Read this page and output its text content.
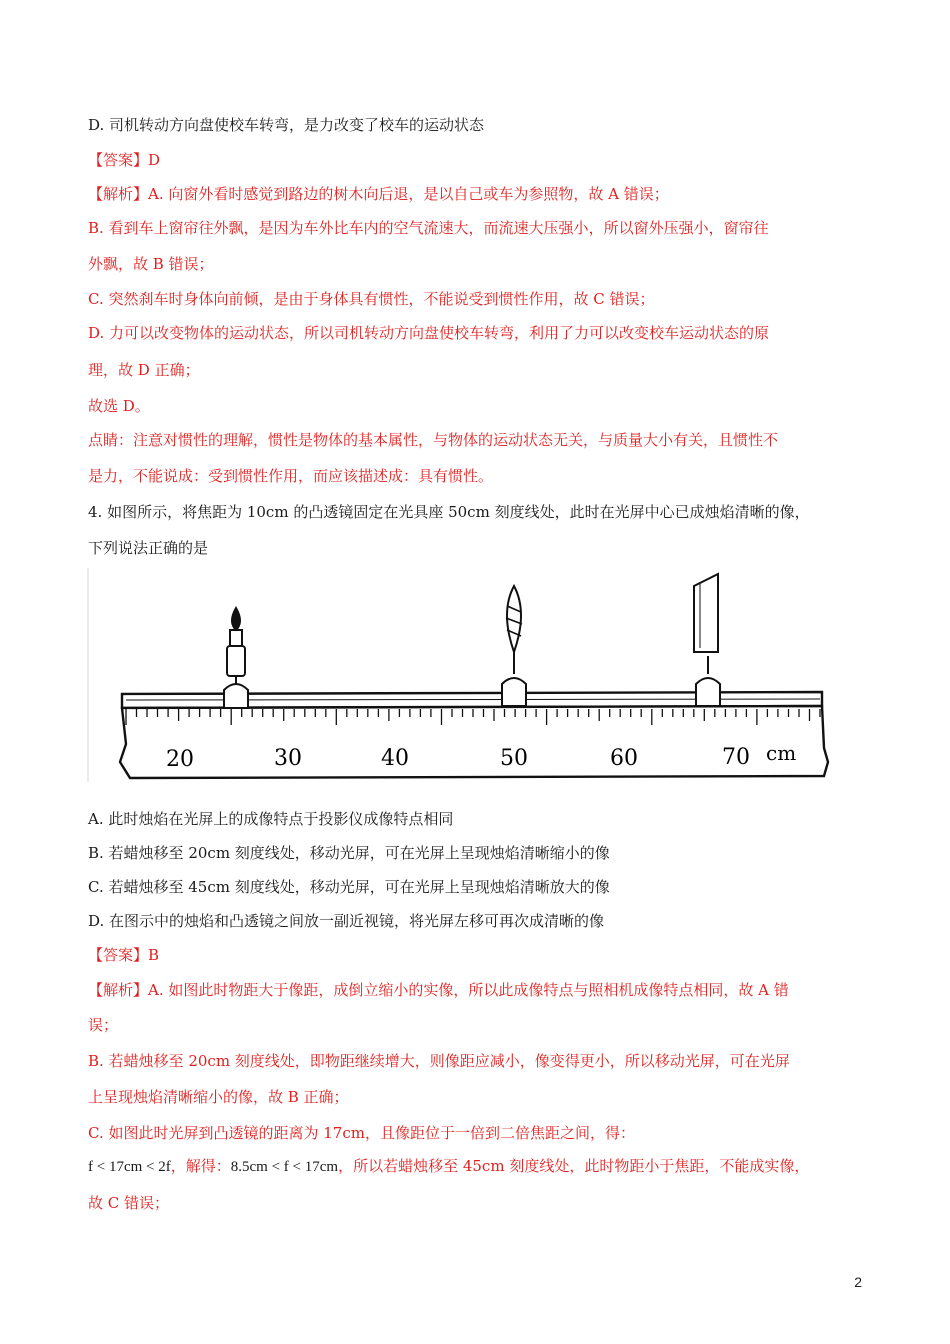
D. 司机转动方向盘使校车转弯，是力改变了校车的运动状态
【答案】D
【解析】A. 向窗外看时感觉到路边的树木向后退，是以自己或车为参照物，故 A 错误；
B. 看到车上窗帘往外飘，是因为车外比车内的空气流速大，而流速大压强小，所以窗外压强小，窗帘往
外飘，故 B 错误；
C. 突然刹车时身体向前倾，是由于身体具有惯性，不能说受到惯性作用，故 C 错误；
D. 力可以改变物体的运动状态，所以司机转动方向盘使校车转弯，利用了力可以改变校车运动状态的原
理，故 D 正确；
故选 D。
点睛：注意对惯性的理解，惯性是物体的基本属性，与物体的运动状态无关，与质量大小有关，且惯性不
是力，不能说成：受到惯性作用，而应该描述成：具有惯性。
4. 如图所示，将焦距为 10cm 的凸透镜固定在光具座 50cm 刻度线处，此时在光屏中心已成烛焰清晰的像，
下列说法正确的是
20	30	40	50	60	70 cm
A. 此时烛焰在光屏上的成像特点于投影仪成像特点相同
B. 若蜡烛移至 20cm 刻度线处，移动光屏，可在光屏上呈现烛焰清晰缩小的像
C. 若蜡烛移至 45cm 刻度线处，移动光屏，可在光屏上呈现烛焰清晰放大的像
D. 在图示中的烛焰和凸透镜之间放一副近视镜，将光屏左移可再次成清晰的像
【答案】B
【解析】A. 如图此时物距大于像距，成倒立缩小的实像，所以此成像特点与照相机成像特点相同，故 A 错
误；
B. 若蜡烛移至 20cm 刻度线处，即物距继续增大，则像距应减小，像变得更小，所以移动光屏，可在光屏
上呈现烛焰清晰缩小的像，故 B 正确；
C. 如图此时光屏到凸透镜的距离为 17cm，且像距位于一倍到二倍焦距之间，得：
f < 17cm < 2f，解得：8.5cm < f < 17cm，所以若蜡烛移至 45cm 刻度线处，此时物距小于焦距，不能成实像，
故 C 错误；
2
